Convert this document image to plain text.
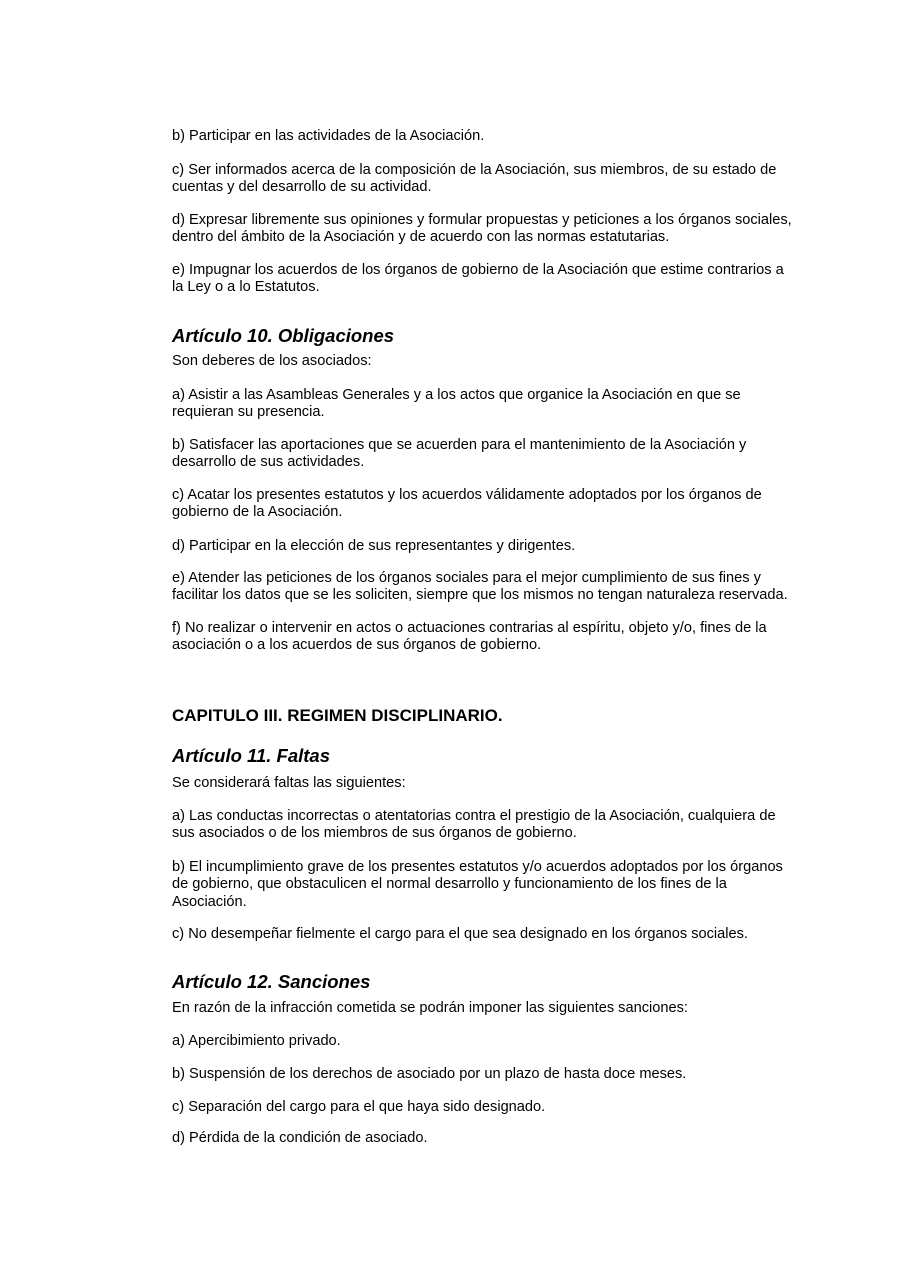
b) Participar en las actividades de la Asociación.
c) Ser informados acerca de la composición de la Asociación, sus miembros, de su estado de
cuentas y del desarrollo de su actividad.
d) Expresar libremente sus opiniones y formular propuestas y peticiones a los órganos sociales,
dentro del ámbito de la Asociación y de acuerdo con las normas estatutarias.
e) Impugnar los acuerdos de los órganos de gobierno de la Asociación que estime contrarios a
la Ley o a lo Estatutos.
Artículo 10. Obligaciones
Son deberes de los asociados:
a) Asistir a las Asambleas Generales y a los actos que organice la Asociación en que se
requieran su presencia.
b) Satisfacer las aportaciones que se acuerden para el mantenimiento de la Asociación y
desarrollo de sus actividades.
c) Acatar los presentes estatutos y los acuerdos válidamente adoptados por los órganos de
gobierno de la Asociación.
d) Participar en la elección de sus representantes y dirigentes.
e) Atender las peticiones de los órganos sociales para el mejor cumplimiento de sus fines y
facilitar los datos que se les soliciten, siempre que los mismos no tengan naturaleza reservada.
f) No realizar o intervenir en actos o actuaciones contrarias al espíritu, objeto y/o, fines de la
asociación o a los acuerdos de sus órganos de gobierno.
CAPITULO III. REGIMEN DISCIPLINARIO.
Artículo 11. Faltas
Se considerará faltas las siguientes:
a) Las conductas incorrectas o atentatorias contra el prestigio de la Asociación, cualquiera de
sus asociados o de los miembros de sus órganos de gobierno.
b) El incumplimiento grave de los presentes estatutos y/o acuerdos adoptados por los órganos
de gobierno, que obstaculicen el normal desarrollo y funcionamiento de los fines de la
Asociación.
c) No desempeñar fielmente el cargo para el que sea designado en los órganos sociales.
Artículo 12. Sanciones
En razón de la infracción cometida se podrán imponer las siguientes sanciones:
a) Apercibimiento privado.
b) Suspensión de los derechos de asociado por un plazo de hasta doce meses.
c) Separación del cargo para el que haya sido designado.
d) Pérdida de la condición de asociado.
